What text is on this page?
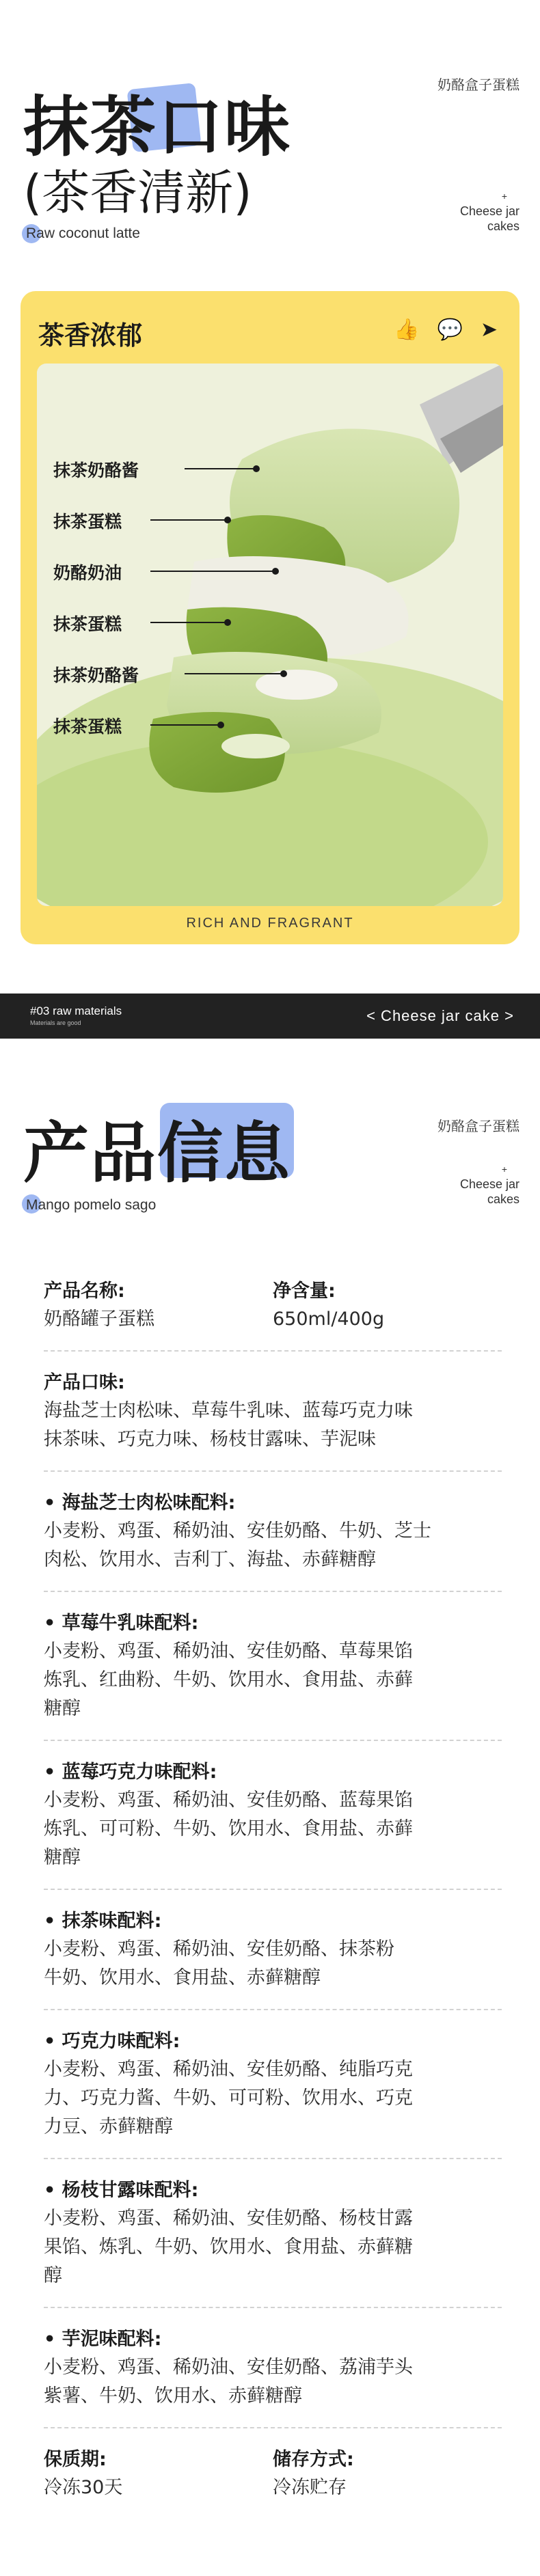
抹茶口味
(茶香清新)
Raw coconut latte
奶酪盒子蛋糕
+
Cheese jar
cakes
茶香浓郁	👍 💬 ➤
抹茶奶酪酱
抹茶蛋糕
奶酪奶油
抹茶蛋糕
抹茶奶酪酱
抹茶蛋糕
RICH AND FRAGRANT
#03 raw materials
Materials are good	< Cheese jar cake >
产品信息
Mango pomelo sago
奶酪盒子蛋糕
+
Cheese jar
cakes
产品名称:
奶酪罐子蛋糕
净含量:
650ml/400g
产品口味:
海盐芝士肉松味、草莓牛乳味、蓝莓巧克力味
抹茶味、巧克力味、杨枝甘露味、芋泥味
• 海盐芝士肉松味配料:
小麦粉、鸡蛋、稀奶油、安佳奶酪、牛奶、芝士
肉松、饮用水、吉利丁、海盐、赤藓糖醇
• 草莓牛乳味配料:
小麦粉、鸡蛋、稀奶油、安佳奶酪、草莓果馅
炼乳、红曲粉、牛奶、饮用水、食用盐、赤藓
糖醇
• 蓝莓巧克力味配料:
小麦粉、鸡蛋、稀奶油、安佳奶酪、蓝莓果馅
炼乳、可可粉、牛奶、饮用水、食用盐、赤藓
糖醇
• 抹茶味配料:
小麦粉、鸡蛋、稀奶油、安佳奶酪、抹茶粉
牛奶、饮用水、食用盐、赤藓糖醇
• 巧克力味配料:
小麦粉、鸡蛋、稀奶油、安佳奶酪、纯脂巧克
力、巧克力酱、牛奶、可可粉、饮用水、巧克
力豆、赤藓糖醇
• 杨枝甘露味配料:
小麦粉、鸡蛋、稀奶油、安佳奶酪、杨枝甘露
果馅、炼乳、牛奶、饮用水、食用盐、赤藓糖
醇
• 芋泥味配料:
小麦粉、鸡蛋、稀奶油、安佳奶酪、荔浦芋头
紫薯、牛奶、饮用水、赤藓糖醇
保质期:
冷冻30天
储存方式:
冷冻贮存
